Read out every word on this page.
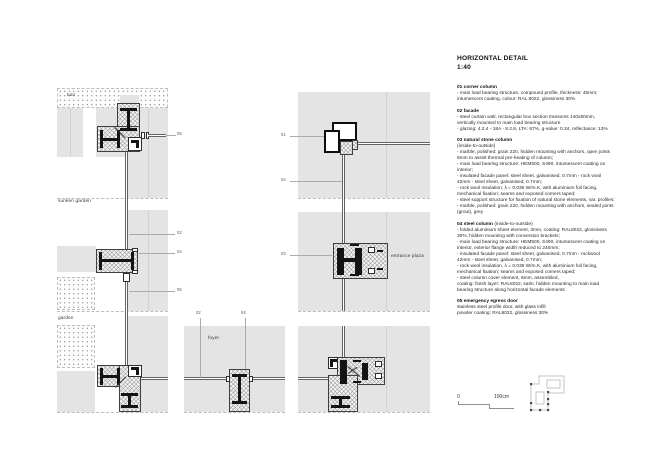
05
02
04
05
01
02
03
02	04
tuin
sunken garden
garden
foyer
entrance plaza
HORIZONTAL DETAIL
1:40
01 corner column
- main load bearing structure, compound profile, thickness: 45mm;
intumescent coating, colour: RAL 8022, glossiness 30%
02 facade
- steel curtain wall, rectangular box section transoms 140x80mm,
vertically mounted to main load bearing structure
- glazing: 4.2.4 - 18A - 8.2.8, LTA: 67%, g-value: 0.34, reflectance: 13%
03 natural stone column
(inside-to-outside)
- marble, polished: grain 220, hidden mounting with anchors, open joints
8mm to assist thermal pre-heating of column;
- main load bearing structure: HEM500, S490, intumescent coating on
interior;
- insulated facade panel: steel sheet, galvanised, 0.7mm - rock wool
42mm - steel sheet, galvanised, 0.7mm;
- rock wool insulation, λ = 0.035 W/m.K, with aluminium foil facing,
mechanical fixation; seams and exposed corners taped;
- steel support structure for fixation of natural stone elements, var. profiles;
- marble, polished: grain 220, hidden mounting with anchors, sealed joints
(grout), grey
04 steel column (inside-to-outside)
- folded aluminium sheet element, 3mm, coating: RAL8022, glossiness
30%; hidden mounting with conversion brackets;
- main load bearing structure: HEM500, S490, intumescent coating on
interior, exterior flange width reduced to 240mm;
- insulated facade panel: steel sheet, galvanised, 0.7mm - rockwool
42mm - steel sheet, galvanised, 0.7mm;
- rock wool insulation, λ = 0.035 W/m.K, with aluminium foil facing,
mechanical fixation; seams and exposed corners taped;
- steel column cover element, 6mm, assembled,
coating: finish layer: RAL8022, satin; hidden mounting to main load
bearing structure along horizontal facade elements
05 emergency egress door
stainless steel profile door, with glass infill
powder coating: RAL8022, glossiness 30%
0	100cm
